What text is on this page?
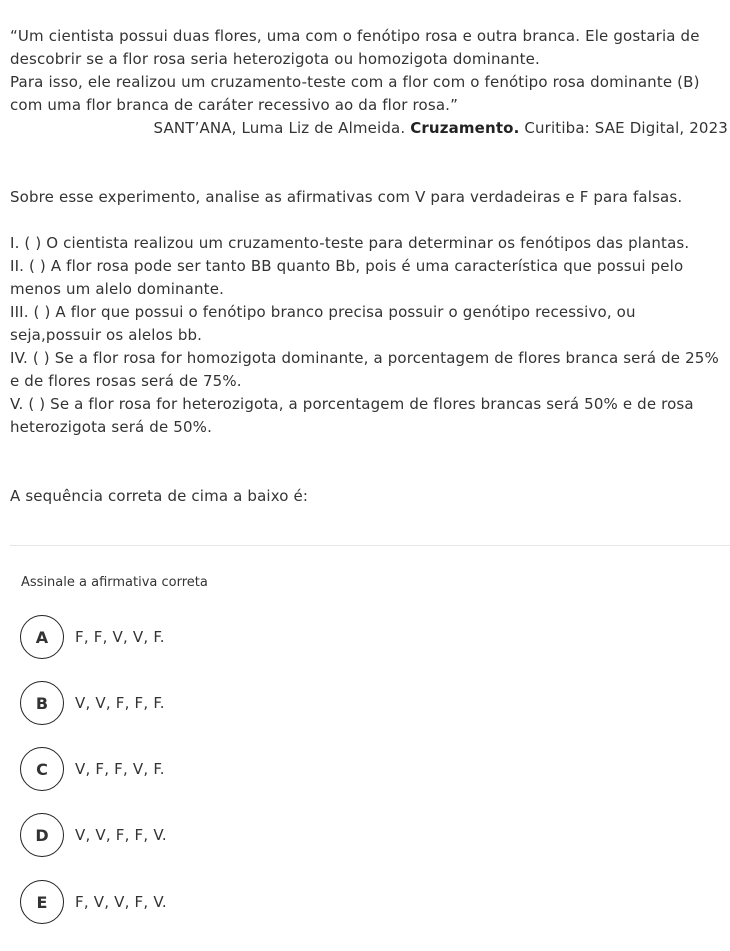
“Um cientista possui duas flores, uma com o fenótipo rosa e outra branca. Ele gostaria de descobrir se a flor rosa seria heterozigota ou homozigota dominante.

Para isso, ele realizou um cruzamento-teste com a flor com o fenótipo rosa dominante (B) com uma flor branca de caráter recessivo ao da flor rosa.”

SANT’ANA, Luma Liz de Almeida. Cruzamento. Curitiba: SAE Digital, 2023

Sobre esse experimento, analise as afirmativas com V para verdadeiras e F para falsas.

I. ( ) O cientista realizou um cruzamento-teste para determinar os fenótipos das plantas.

II. ( ) A flor rosa pode ser tanto BB quanto Bb, pois é uma característica que possui pelo menos um alelo dominante.

III. ( ) A flor que possui o fenótipo branco precisa possuir o genótipo recessivo, ou seja,possuir os alelos bb.

IV. ( ) Se a flor rosa for homozigota dominante, a porcentagem de flores branca será de 25% e de flores rosas será de 75%.

V. ( ) Se a flor rosa for heterozigota, a porcentagem de flores brancas será 50% e de rosa heterozigota será de 50%.

A sequência correta de cima a baixo é:

Assinale a afirmativa correta
A	F, F, V, V, F.
B	V, V, F, F, F.
C	V, F, F, V, F.
D	V, V, F, F, V.
E	F, V, V, F, V.
